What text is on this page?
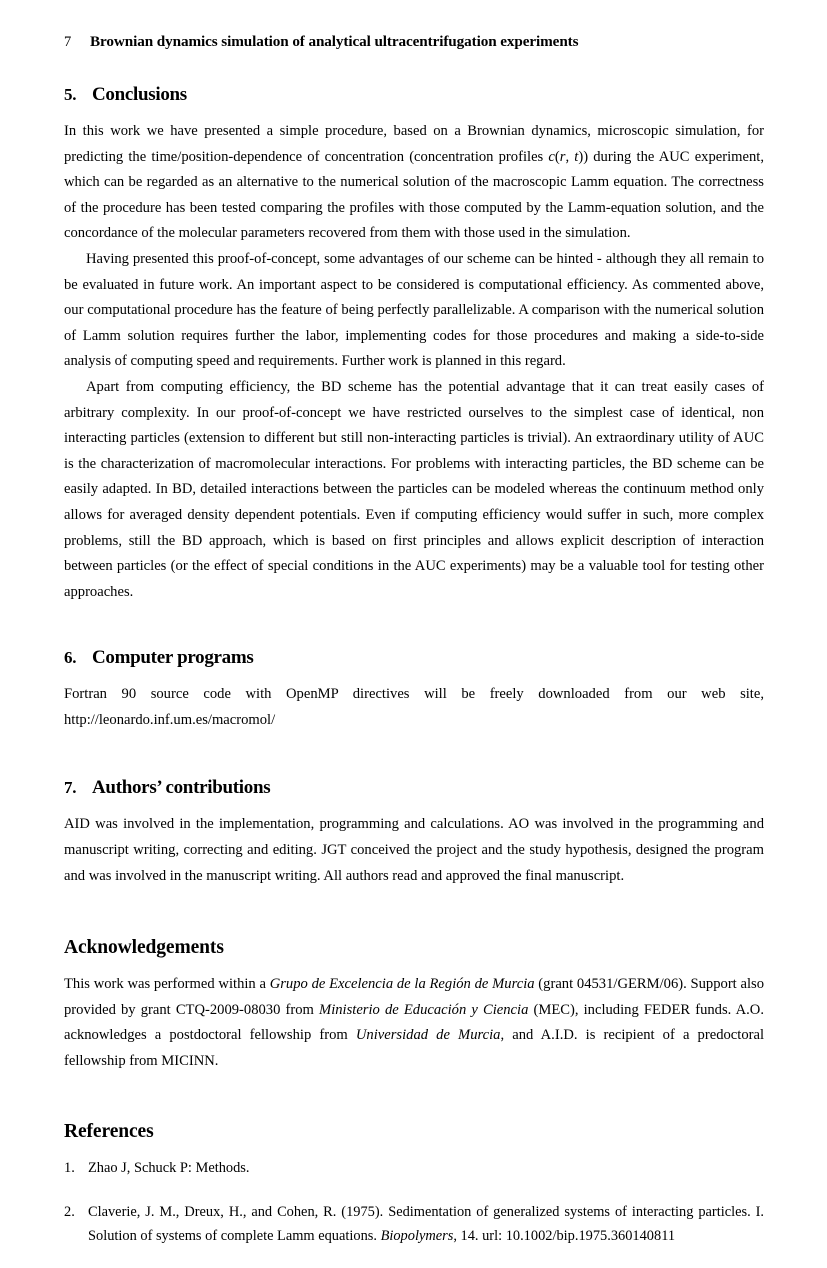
7	Brownian dynamics simulation of analytical ultracentrifugation experiments
5. Conclusions

In this work we have presented a simple procedure, based on a Brownian dynamics, microscopic simulation, for predicting the time/position-dependence of concentration (concentration profiles c(r, t)) during the AUC experiment, which can be regarded as an alternative to the numerical solution of the macroscopic Lamm equation. The correctness of the procedure has been tested comparing the profiles with those computed by the Lamm-equation solution, and the concordance of the molecular parameters recovered from them with those used in the simulation.

Having presented this proof-of-concept, some advantages of our scheme can be hinted - although they all remain to be evaluated in future work. An important aspect to be considered is computational efficiency. As commented above, our computational procedure has the feature of being perfectly parallelizable. A comparison with the numerical solution of Lamm solution requires further the labor, implementing codes for those procedures and making a side-to-side analysis of computing speed and requirements. Further work is planned in this regard.

Apart from computing efficiency, the BD scheme has the potential advantage that it can treat easily cases of arbitrary complexity. In our proof-of-concept we have restricted ourselves to the simplest case of identical, non interacting particles (extension to different but still non-interacting particles is trivial). An extraordinary utility of AUC is the characterization of macromolecular interactions. For problems with interacting particles, the BD scheme can be easily adapted. In BD, detailed interactions between the particles can be modeled whereas the continuum method only allows for averaged density dependent potentials. Even if computing efficiency would suffer in such, more complex problems, still the BD approach, which is based on first principles and allows explicit description of interaction between particles (or the effect of special conditions in the AUC experiments) may be a valuable tool for testing other approaches.

6. Computer programs

Fortran 90 source code with OpenMP directives will be freely downloaded from our web site, http://leonardo.inf.um.es/macromol/

7. Authors’ contributions

AID was involved in the implementation, programming and calculations. AO was involved in the programming and manuscript writing, correcting and editing. JGT conceived the project and the study hypothesis, designed the program and was involved in the manuscript writing. All authors read and approved the final manuscript.

Acknowledgements

This work was performed within a Grupo de Excelencia de la Región de Murcia (grant 04531/GERM/06). Support also provided by grant CTQ-2009-08030 from Ministerio de Educación y Ciencia (MEC), including FEDER funds. A.O. acknowledges a postdoctoral fellowship from Universidad de Murcia, and A.I.D. is recipient of a predoctoral fellowship from MICINN.

References
1. Zhao J, Schuck P: Methods.
2. Claverie, J. M., Dreux, H., and Cohen, R. (1975). Sedimentation of generalized systems of interacting particles. I. Solution of systems of complete Lamm equations. Biopolymers, 14. url: 10.1002/bip.1975.360140811
